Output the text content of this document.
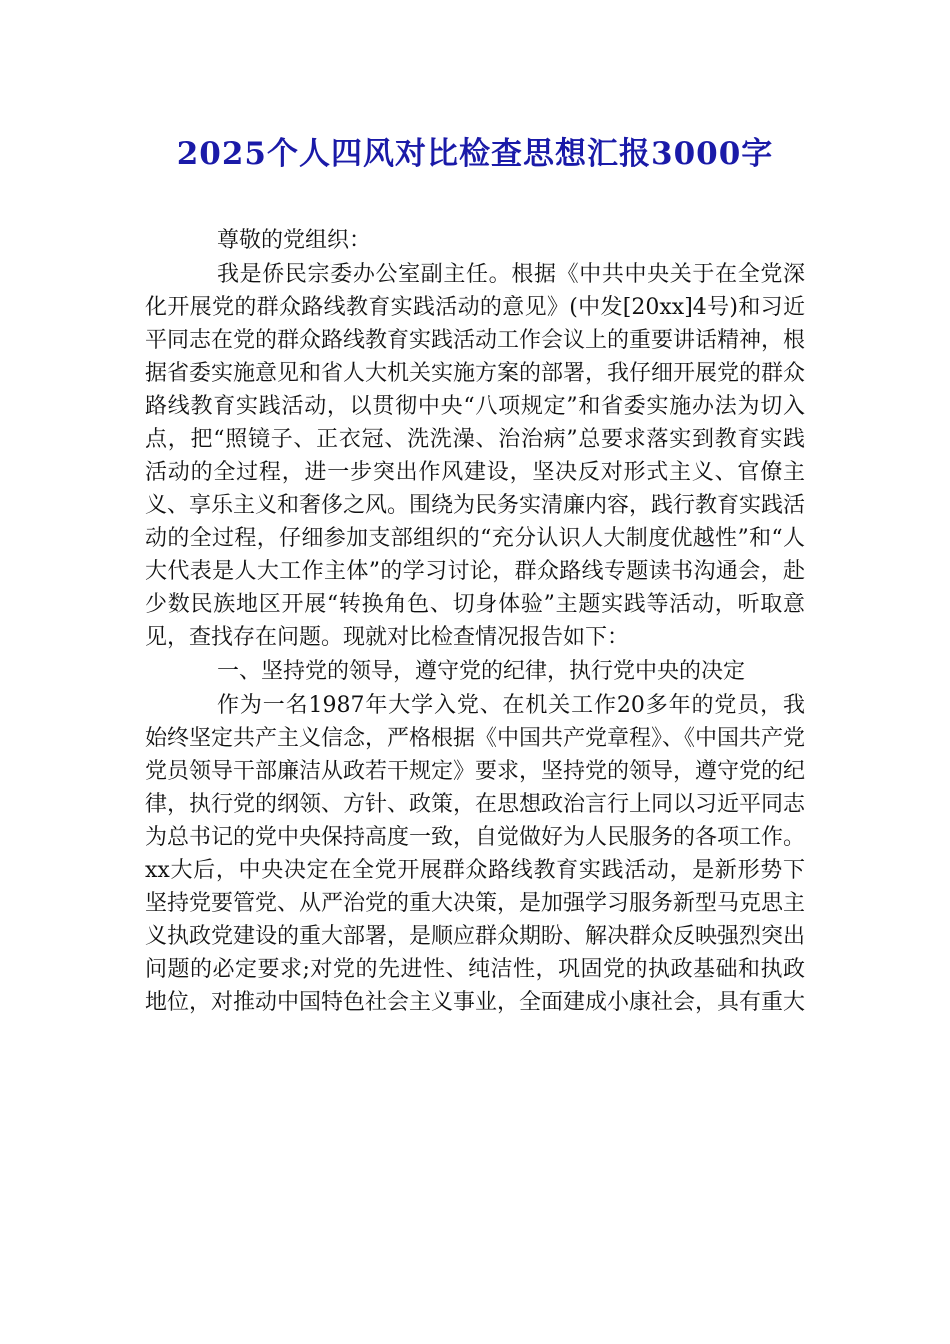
2025个人四风对比检查思想汇报3000字

尊敬的党组织：

我是侨民宗委办公室副主任。根据《中共中央关于在全党深化开展党的群众路线教育实践活动的意见》(中发[20xx]4号)和习近平同志在党的群众路线教育实践活动工作会议上的重要讲话精神，根据省委实施意见和省人大机关实施方案的部署，我仔细开展党的群众路线教育实践活动，以贯彻中央“八项规定”和省委实施办法为切入点，把“照镜子、正衣冠、洗洗澡、治治病”总要求落实到教育实践活动的全过程，进一步突出作风建设，坚决反对形式主义、官僚主义、享乐主义和奢侈之风。围绕为民务实清廉内容，践行教育实践活动的全过程，仔细参加支部组织的“充分认识人大制度优越性”和“人大代表是人大工作主体”的学习讨论，群众路线专题读书沟通会，赴少数民族地区开展“转换角色、切身体验”主题实践等活动，听取意见，查找存在问题。现就对比检查情况报告如下：

一、坚持党的领导，遵守党的纪律，执行党中央的决定

作为一名1987年大学入党、在机关工作20多年的党员，我始终坚定共产主义信念，严格根据《中国共产党章程》、《中国共产党党员领导干部廉洁从政若干规定》要求，坚持党的领导，遵守党的纪律，执行党的纲领、方针、政策，在思想政治言行上同以习近平同志为总书记的党中央保持高度一致，自觉做好为人民服务的各项工作。xx大后，中央决定在全党开展群众路线教育实践活动，是新形势下坚持党要管党、从严治党的重大决策，是加强学习服务新型马克思主义执政党建设的重大部署，是顺应群众期盼、解决群众反映强烈突出问题的必定要求;对党的先进性、纯洁性，巩固党的执政基础和执政地位，对推动中国特色社会主义事业，全面建成小康社会，具有重大
